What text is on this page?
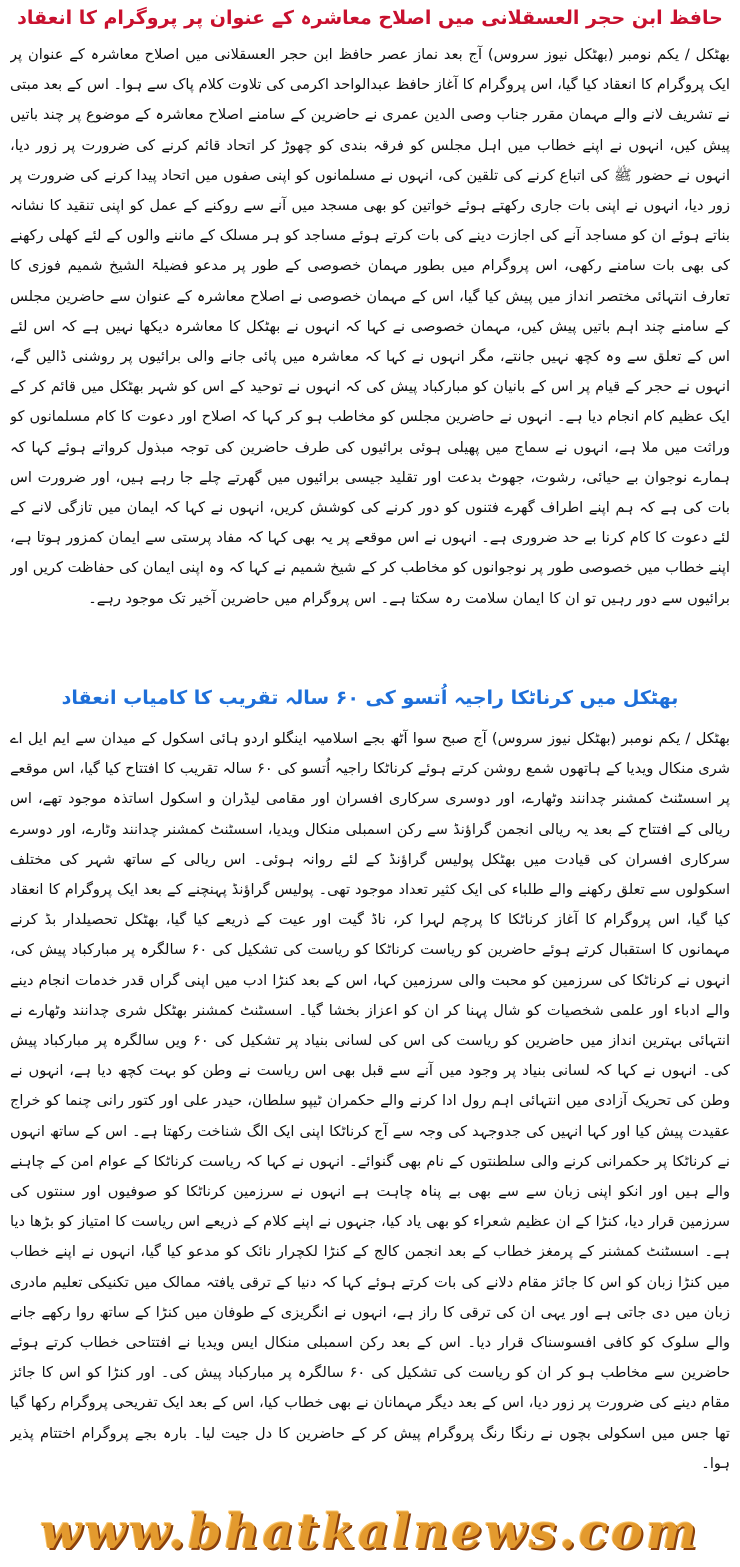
حافظ ابن حجر العسقلانی میں اصلاح معاشرہ کے عنوان پر پروگرام کا انعقاد

بھٹکل / یکم نومبر (بھٹکل نیوز سروس) آج بعد نماز عصر حافظ ابن حجر العسقلانی میں اصلاح معاشرہ کے عنوان پر ایک پروگرام کا انعقاد کیا گیا، اس پروگرام کا آغاز حافظ عبدالواحد اکرمی کی تلاوت کلام پاک سے ہوا۔ اس کے بعد مبتی نے تشریف لانے والے مہمان مقرر جناب وصی الدین عمری نے حاضرین کے سامنے اصلاح معاشرہ کے موضوع پر چند باتیں پیش کیں، انہوں نے اپنے خطاب میں اہل مجلس کو فرقہ بندی کو چھوڑ کر اتحاد قائم کرنے کی ضرورت پر زور دیا، انہوں نے حضور ﷺ کی اتباع کرنے کی تلقین کی، انہوں نے مسلمانوں کو اپنی صفوں میں اتحاد پیدا کرنے کی ضرورت پر زور دیا، انہوں نے اپنی بات جاری رکھتے ہوئے خواتین کو بھی مسجد میں آنے سے روکنے کے عمل کو اپنی تنقید کا نشانہ بناتے ہوئے ان کو مساجد آنے کی اجازت دینے کی بات کرتے ہوئے مساجد کو ہر مسلک کے ماننے والوں کے لئے کھلی رکھنے کی بھی بات سامنے رکھی، اس پروگرام میں بطور مہمان خصوصی کے طور پر مدعو فضیلۃ الشیخ شمیم فوزی کا تعارف انتہائی مختصر انداز میں پیش کیا گیا، اس کے مہمان خصوصی نے اصلاح معاشرہ کے عنوان سے حاضرین مجلس کے سامنے چند اہم باتیں پیش کیں، مہمان خصوصی نے کہا کہ انہوں نے بھٹکل کا معاشرہ دیکھا نہیں ہے کہ اس لئے اس کے تعلق سے وہ کچھ نہیں جانتے، مگر انہوں نے کہا کہ معاشرہ میں پائی جانے والی برائیوں پر روشنی ڈالیں گے، انہوں نے حجر کے قیام پر اس کے بانیان کو مبارکباد پیش کی کہ انہوں نے توحید کے اس کو شہر بھٹکل میں قائم کر کے ایک عظیم کام انجام دیا ہے۔ انہوں نے حاضرین مجلس کو مخاطب ہو کر کہا کہ اصلاح اور دعوت کا کام مسلمانوں کو وراثت میں ملا ہے، انہوں نے سماج میں پھیلی ہوئی برائیوں کی طرف حاضرین کی توجہ مبذول کرواتے ہوئے کہا کہ ہمارے نوجوان بے حیائی، رشوت، جھوٹ بدعت اور تقلید جیسی برائیوں میں گھرتے چلے جا رہے ہیں، اور ضرورت اس بات کی ہے کہ ہم اپنے اطراف گھرے فتنوں کو دور کرنے کی کوشش کریں، انہوں نے کہا کہ ایمان میں تازگی لانے کے لئے دعوت کا کام کرنا بے حد ضروری ہے۔ انہوں نے اس موقعے پر یہ بھی کہا کہ مفاد پرستی سے ایمان کمزور ہوتا ہے، اپنے خطاب میں خصوصی طور پر نوجوانوں کو مخاطب کر کے شیخ شمیم نے کہا کہ وہ اپنی ایمان کی حفاظت کریں اور برائیوں سے دور رہیں تو ان کا ایمان سلامت رہ سکتا ہے۔ اس پروگرام میں حاضرین آخیر تک موجود رہے۔

بھٹکل میں کرناٹکا راجیہ اُتسو کی ۶۰ سالہ تقریب کا کامیاب انعقاد

بھٹکل / یکم نومبر (بھٹکل نیوز سروس) آج صبح سوا آٹھ بجے اسلامیہ اینگلو اردو ہائی اسکول کے میدان سے ایم ایل اے شری منکال ویدیا کے ہاتھوں شمع روشن کرتے ہوئے کرناٹکا راجیہ اُتسو کی ۶۰ سالہ تقریب کا افتتاح کیا گیا، اس موقعے پر اسسٹنٹ کمشنر چدانند وٹھارے، اور دوسری سرکاری افسران اور مقامی لیڈران و اسکول اساتذہ موجود تھے، اس ریالی کے افتتاح کے بعد یہ ریالی انجمن گراؤنڈ سے رکن اسمبلی منکال ویدیا، اسسٹنٹ کمشنر چدانند وٹارے، اور دوسرے سرکاری افسران کی قیادت میں بھٹکل پولیس گراؤنڈ کے لئے روانہ ہوئی۔ اس ریالی کے ساتھ شہر کی مختلف اسکولوں سے تعلق رکھنے والے طلباء کی ایک کثیر تعداد موجود تھی۔ پولیس گراؤنڈ پہنچنے کے بعد ایک پروگرام کا انعقاد کیا گیا، اس پروگرام کا آغاز کرناٹکا کا پرچم لہرا کر، ناڈ گیت اور عیت کے ذریعے کیا گیا، بھٹکل تحصیلدار بڈ کرنے مہمانوں کا استقبال کرتے ہوئے حاضرین کو ریاست کرناٹکا کو ریاست کی تشکیل کی ۶۰ سالگرہ پر مبارکباد پیش کی، انہوں نے کرناٹکا کی سرزمین کو محبت والی سرزمین کہا، اس کے بعد کنڑا ادب میں اپنی گراں قدر خدمات انجام دینے والے ادباء اور علمی شخصیات کو شال پہنا کر ان کو اعزاز بخشا گیا۔ اسسٹنٹ کمشنر بھٹکل شری چدانند وٹھارے نے انتہائی بہترین انداز میں حاضرین کو ریاست کی اس کی لسانی بنیاد پر تشکیل کی ۶۰ ویں سالگرہ پر مبارکباد پیش کی۔ انہوں نے کہا کہ لسانی بنیاد پر وجود میں آنے سے قبل بھی اس ریاست نے وطن کو بہت کچھ دیا ہے، انہوں نے وطن کی تحریک آزادی میں انتہائی اہم رول ادا کرنے والے حکمران ٹیپو سلطان، حیدر علی اور کتور رانی چنما کو خراج عقیدت پیش کیا اور کہا انہیں کی جدوجہد کی وجہ سے آج کرناٹکا اپنی ایک الگ شناخت رکھتا ہے۔ اس کے ساتھ انہوں نے کرناٹکا پر حکمرانی کرنے والی سلطنتوں کے نام بھی گنوائے۔ انہوں نے کہا کہ ریاست کرناٹکا کے عوام امن کے چاہنے والے ہیں اور انکو اپنی زبان سے سے بھی بے پناہ چاہت ہے انہوں نے سرزمین کرناٹکا کو صوفیوں اور سنتوں کی سرزمین قرار دیا، کنڑا کے ان عظیم شعراء کو بھی یاد کیا، جنہوں نے اپنے کلام کے ذریعے اس ریاست کا امتیاز کو بڑھا دیا ہے۔ اسسٹنٹ کمشنر کے پرمغز خطاب کے بعد انجمن کالج کے کنڑا لکچرار نائک کو مدعو کیا گیا، انہوں نے اپنے خطاب میں کنڑا زبان کو اس کا جائز مقام دلانے کی بات کرتے ہوئے کہا کہ دنیا کے ترقی یافتہ ممالک میں تکنیکی تعلیم مادری زبان میں دی جاتی ہے اور یہی ان کی ترقی کا راز ہے، انہوں نے انگریزی کے طوفان میں کنڑا کے ساتھ روا رکھے جانے والے سلوک کو کافی افسوسناک قرار دیا۔ اس کے بعد رکن اسمبلی منکال ایس ویدیا نے افتتاحی خطاب کرتے ہوئے حاضرین سے مخاطب ہو کر ان کو ریاست کی تشکیل کی ۶۰ سالگرہ پر مبارکباد پیش کی۔ اور کنڑا کو اس کا جائز مقام دینے کی ضرورت پر زور دیا، اس کے بعد دیگر مہمانان نے بھی خطاب کیا، اس کے بعد ایک تفریحی پروگرام رکھا گیا تھا جس میں اسکولی بچوں نے رنگا رنگ پروگرام پیش کر کے حاضرین کا دل جیت لیا۔ بارہ بجے پروگرام اختتام پذیر ہوا۔

www.bhatkalnews.com
